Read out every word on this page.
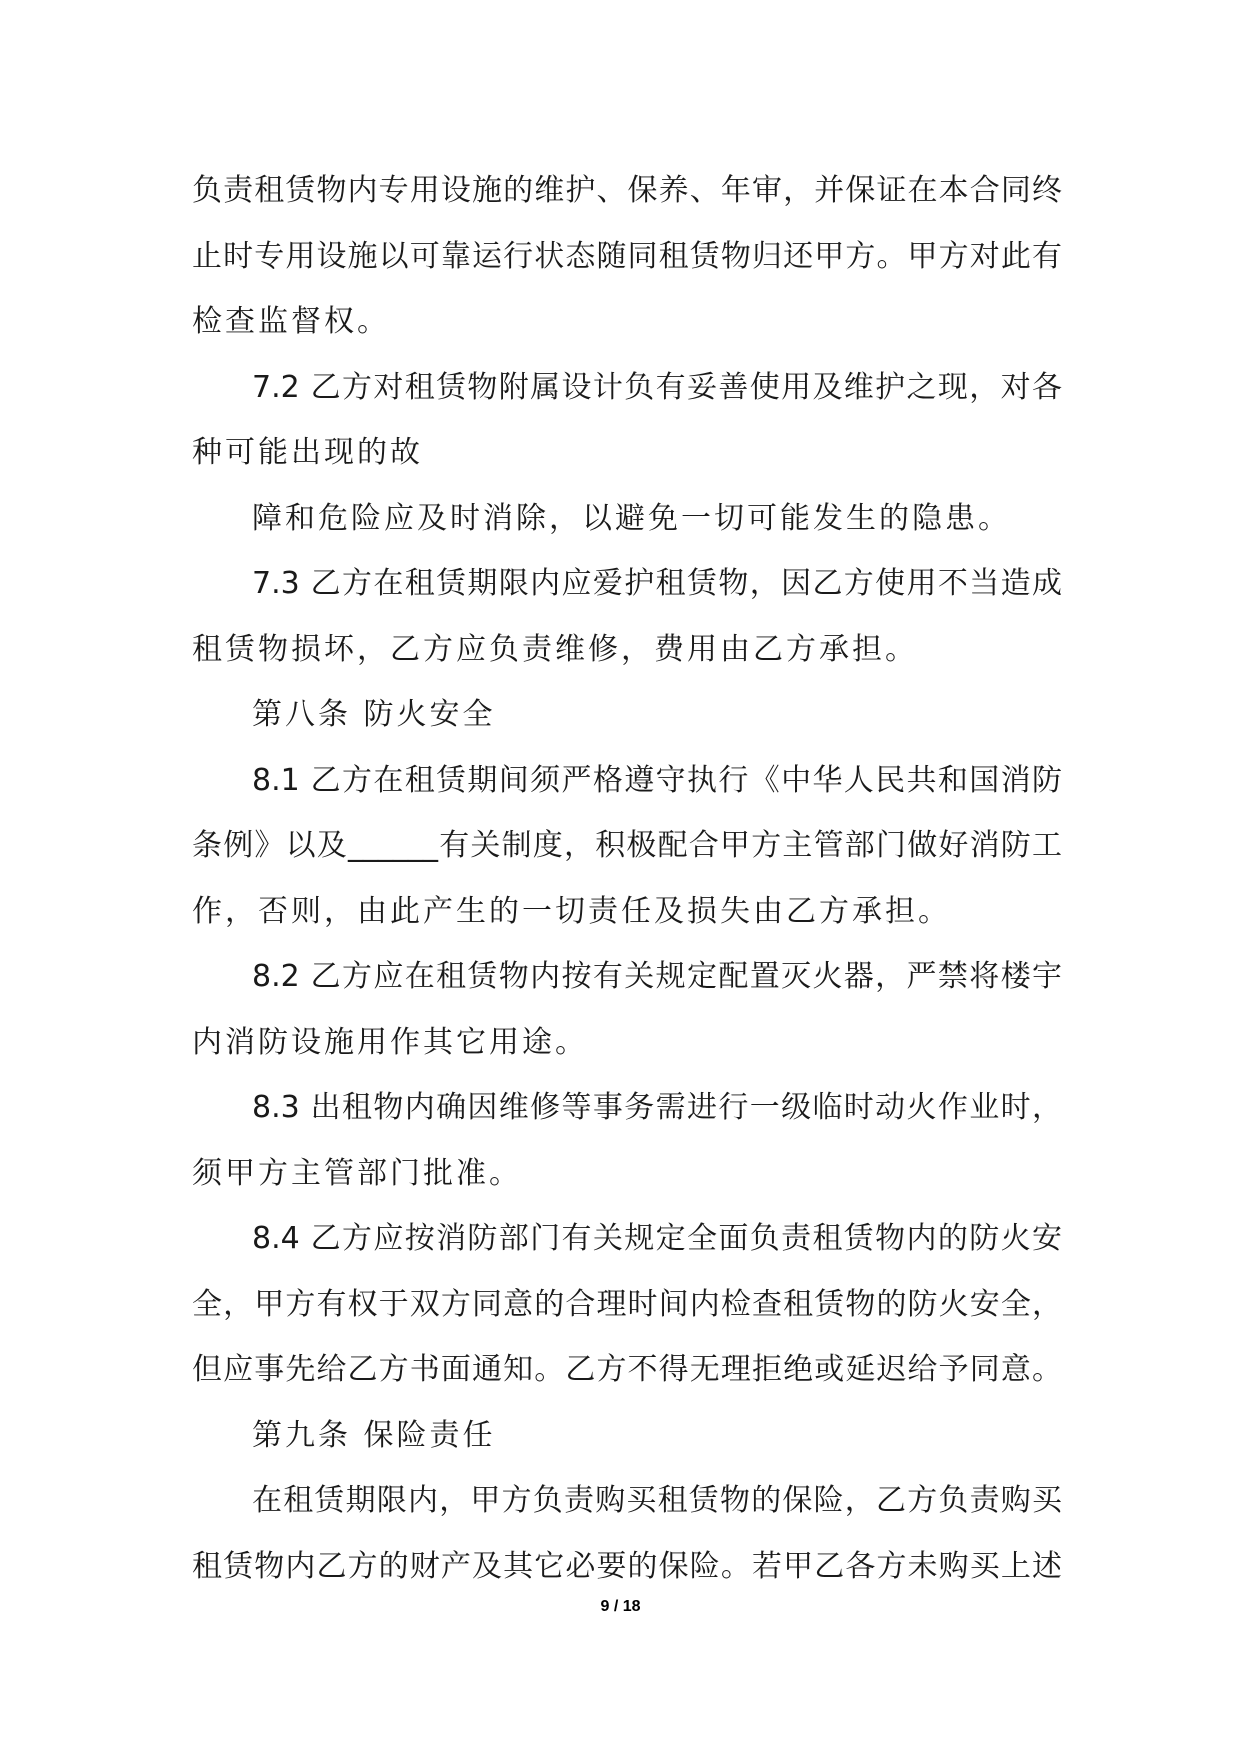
负责租赁物内专用设施的维护、保养、年审，并保证在本合同终
止时专用设施以可靠运行状态随同租赁物归还甲方。甲方对此有
检查监督权。
7.2 乙方对租赁物附属设计负有妥善使用及维护之现，对各
种可能出现的故
障和危险应及时消除，以避免一切可能发生的隐患。
7.3 乙方在租赁期限内应爱护租赁物，因乙方使用不当造成
租赁物损坏，乙方应负责维修，费用由乙方承担。
第八条 防火安全
8.1 乙方在租赁期间须严格遵守执行《中华人民共和国消防
条例》以及______有关制度，积极配合甲方主管部门做好消防工
作，否则，由此产生的一切责任及损失由乙方承担。
8.2 乙方应在租赁物内按有关规定配置灭火器，严禁将楼宇
内消防设施用作其它用途。
8.3 出租物内确因维修等事务需进行一级临时动火作业时，
须甲方主管部门批准。
8.4 乙方应按消防部门有关规定全面负责租赁物内的防火安
全，甲方有权于双方同意的合理时间内检查租赁物的防火安全，
但应事先给乙方书面通知。乙方不得无理拒绝或延迟给予同意。
第九条 保险责任
在租赁期限内，甲方负责购买租赁物的保险，乙方负责购买
租赁物内乙方的财产及其它必要的保险。若甲乙各方未购买上述
9 / 18
